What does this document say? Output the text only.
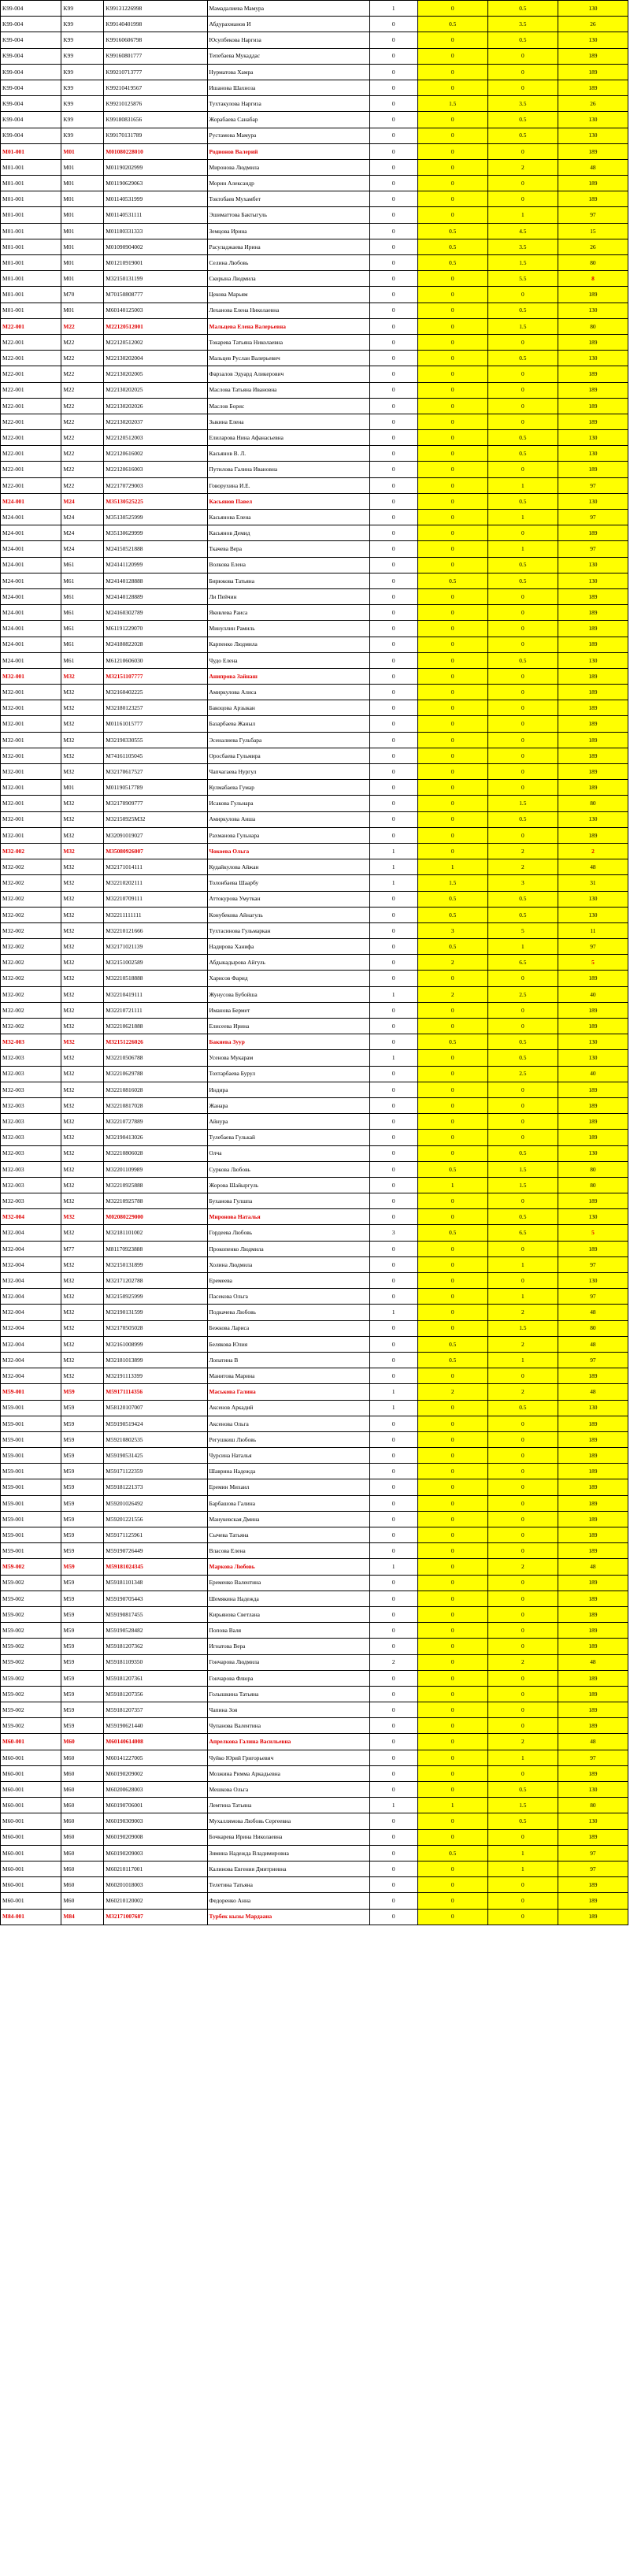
K99-004	K99	K99131226998	Мамадалиева Мамура	1	0	0.5	130
K99-004	K99	K99140401998	Абдурахманов И	0	0.5	3.5	26
K99-004	K99	K99160606798	Юсупбекова Наргиза	0	0	0.5	130
K99-004	K99	K99160801777	Тепебаева Мукаддас	0	0	0	189
K99-004	K99	K99210713777	Нурматова Хамра	0	0	0	189
K99-004	K99	K99210419567	Ишанова Шахноза	0	0	0	189
K99-004	K99	K99210125876	Тухтакулова Наргиза	0	1.5	3.5	26
K99-004	K99	K99180831656	Жорабаева Санабар	0	0	0.5	130
K99-004	K99	K99170131789	Рустамова Мамура	0	0	0.5	130
M01-001	M01	M01080228010	Родионов Валерий	0	0	0	189
M01-001	M01	M01190202999	Миронова Людмила	0	0	2	48
M01-001	M01	M01190629063	Морин Александр	0	0	0	189
M01-001	M01	M01140531999	Токтобаев Мухамбет	0	0	0	189
M01-001	M01	M01140531111	Эшиматтова Бактыгуль	0	0	1	97
M01-001	M01	M01180331333	Земцова Ирина	0	0.5	4.5	15
M01-001	M01	M01090904002	Расуладжаева Ирина	0	0.5	3.5	26
M01-001	M01	M01210919001	Селина Любовь	0	0.5	1.5	80
M01-001	M01	M32150131199	Скорына Людмила	0	0	5.5	8
M01-001	M70	M70150808777	Цекова Марьям	0	0	0	189
M01-001	M01	M60140125003	Леханова Елена Николаевна	0	0	0.5	130
M22-001	M22	M22120512001	Мальцева Елена Валерьевна	0	0	1.5	80
M22-001	M22	M22120512002	Токарева Татьяна Николаевна	0	0	0	189
M22-001	M22	M22130202004	Мальцев Руслан Валерьевич	0	0	0.5	130
M22-001	M22	M22130202005	Фарзалов Эдуард Аликерович	0	0	0	189
M22-001	M22	M22130202025	Маслова Татьяна Ивановна	0	0	0	189
M22-001	M22	M22130202026	Маслов Борис	0	0	0	189
M22-001	M22	M22130202037	Зыкина Елена	0	0	0	189
M22-001	M22	M22120512003	Елиларова Нина Афанасьевна	0	0	0.5	130
M22-001	M22	M22120616002	Касьянов В. Л.	0	0	0.5	130
M22-001	M22	M22120616003	Путилова Галина Ивановна	0	0	0	189
M22-001	M22	M22170729003	Говорухина И.Е.	0	0	1	97
M24-001	M24	M35130525225	Касьянов Павел	0	0	0.5	130
M24-001	M24	M35130525999	Касьянова Елена	0	0	1	97
M24-001	M24	M35130629999	Касьянов Демид	0	0	0	189
M24-001	M24	M24150521888	Ткачева Вера	0	0	1	97
M24-001	M61	M24141120999	Волкова Елена	0	0	0.5	130
M24-001	M61	M24140128888	Бирюкова Татьяна	0	0.5	0.5	130
M24-001	M61	M24140128889	Ли Пейчин	0	0	0	189
M24-001	M61	M24160302789	Яковлева Раиса	0	0	0	189
M24-001	M61	M61191229070	Минуллин Рамиль	0	0	0	189
M24-001	M61	M24180822028	Карпенко Людмила	0	0	0	189
M24-001	M61	M61210606030	Чудо Елена	0	0	0.5	130
M32-001	M32	M32151107777	Анипрова Зайнаш	0	0	0	189
M32-001	M32	M32160402225	Амиркулова Алиса	0	0	0	189
M32-001	M32	M32180123257	Бакоцова Арзыкан	0	0	0	189
M32-001	M32	M01161015777	Базарбаева Жаныл	0	0	0	189
M32-001	M32	M32190330555	Эсеналиева Гульбара	0	0	0	189
M32-001	M32	M74161105045	Оросбаева Гульмира	0	0	0	189
M32-001	M32	M32170617527	Чапчагаева Нургул	0	0	0	189
M32-001	M01	M01190517789	Кулмабаева Гумар	0	0	0	189
M32-001	M32	M32170909777	Исакова Гульнара	0	0	1.5	80
M32-001	M32	M32150925M32	Амиркулова Аиша	0	0	0.5	130
M32-001	M32	M32091019027	Рахманова Гульнара	0	0	0	189
M32-002	M32	M35080926007	Чокоева Ольга	1	0	2	2
M32-002	M32	M32171014111	Кудайкулова Айжан	1	1	2	48
M32-002	M32	M32210202111	Толонбаева Шаарбу	1	1.5	3	31
M32-002	M32	M32210709111	Аттокурова Умуткан	0	0.5	0.5	130
M32-002	M32	M32211111111	Конубекова Айнагуль	0	0.5	0.5	130
M32-002	M32	M32210121666	Тухтасинова Гульмаркан	0	3	5	11
M32-002	M32	M32171021139	Надирова Ханифа	0	0.5	1	97
M32-002	M32	M32151002589	Абдыкадырова Айгуль	0	2	6.5	5
M32-002	M32	M32210518888	Харисов Фарид	0	0	0	189
M32-002	M32	M32210419111	Жунусова Бубойша	1	2	2.5	40
M32-002	M32	M32210721111	Иманова Бермет	0	0	0	189
M32-002	M32	M32210621888	Елисеева Ирина	0	0	0	189
M32-003	M32	M32151226026	Бакиева Зуур	0	0.5	0.5	130
M32-003	M32	M32210506788	Усенова Мукарам	1	0	0.5	130
M32-003	M32	M32210629788	Тохтарбаева Бурул	0	0	2.5	40
M32-003	M32	M32210816028	Индира	0	0	0	189
M32-003	M32	M32210817028	Жанара	0	0	0	189
M32-003	M32	M32210727889	Айнура	0	0	0	189
M32-003	M32	M32190413026	Тулебаева Гулькай	0	0	0	189
M32-003	M32	M32210806028	Олча	0	0	0.5	130
M32-003	M32	M32201109989	Суркова Любовь	0	0.5	1.5	80
M32-003	M32	M32210925888	Жорова Шайыргуль	0	1	1.5	80
M32-003	M32	M32210925788	Буханова Гулшпа	0	0	0	189
M32-004	M32	M02080229000	Миронова Наталья	0	0	0.5	130
M32-004	M32	M32181101002	Гордеева Любовь	3	0.5	6.5	5
M32-004	M77	M81170923888	Прокопенко Людмила	0	0	0	189
M32-004	M32	M32150131899	Холина Людмила	0	0	1	97
M32-004	M32	M32171202788	Еремеева	0	0	0	130
M32-004	M32	M32150925999	Пасекова Ольга	0	0	1	97
M32-004	M32	M32190131599	Подкачева Любовь	1	0	2	48
M32-004	M32	M32170505028	Бежкова Лариса	0	0	1.5	80
M32-004	M32	M32161008999	Белякова Юлия	0	0.5	2	48
M32-004	M32	M32181013899	Лопатина В	0	0.5	1	97
M32-004	M32	M32191113399	Манитова Марина	0	0	0	189
M59-001	M59	M59171114356	Маськова Галина	1	2	2	48
M59-001	M59	M58120107007	Аксенов Аркадий	1	0	0.5	130
M59-001	M59	M59190519424	Аксенова Ольга	0	0	0	189
M59-001	M59	M59210802535	Регушкиш Любовь	0	0	0	189
M59-001	M59	M59190531425	Чурсина Наталья	0	0	0	189
M59-001	M59	M59171122359	Шаврина Надежда	0	0	0	189
M59-001	M59	M59181221373	Еремин Михаил	0	0	0	189
M59-001	M59	M59201026492	Барбашова Галина	0	0	0	189
M59-001	M59	M59201221556	Манукевская Дмина	0	0	0	189
M59-001	M59	M59171125961	Сычева Татьяна	0	0	0	189
M59-001	M59	M59190726449	Власова Елена	0	0	0	189
M59-002	M59	M59181024345	Маркова Любовь	1	0	2	48
M59-002	M59	M59181101348	Еременко Валентина	0	0	0	189
M59-002	M59	M59190705443	Шемякина Надежда	0	0	0	189
M59-002	M59	M59190817455	Кирьянова Светлана	0	0	0	189
M59-002	M59	M59190528482	Попова Валя	0	0	0	189
M59-002	M59	M59181207362	Игнатова Вера	0	0	0	189
M59-002	M59	M59181109350	Гончарова Людмила	2	0	2	48
M59-002	M59	M59181207361	Гончарова Флюра	0	0	0	189
M59-002	M59	M59181207356	Голышкина Татьяна	0	0	0	189
M59-002	M59	M59181207357	Чапина Зоя	0	0	0	189
M59-002	M59	M59190621440	Чупанова Валентина	0	0	0	189
M60-001	M60	M60140614008	Апрелкова Галина Васильевна	0	0	2	48
M60-001	M60	M60141227005	Чуйко Юрий Григорьевич	0	0	1	97
M60-001	M60	M60190209002	Мозжина Римма Аркадьевна	0	0	0	189
M60-001	M60	M60200628003	Мешкова Ольга	0	0	0.5	130
M60-001	M60	M60190706001	Лемтина Татьяна	1	1	1.5	80
M60-001	M60	M60190309003	Мухаллямова Любовь Сергеевна	0	0	0.5	130
M60-001	M60	M60190209008	Бочкарева Ирина Николаевна	0	0	0	189
M60-001	M60	M60190209003	Зимина Надежда Владимировна	0	0.5	1	97
M60-001	M60	M60210117001	Калинова Евгения Дмитриевна	0	0	1	97
M60-001	M60	M60201018003	Телетина Татьяна	0	0	0	189
M60-001	M60	M60210120002	Федоренко Анна	0	0	0	189
M84-001	M84	M32171007687	Турбек кызы Мардаана	0	0	0	189
